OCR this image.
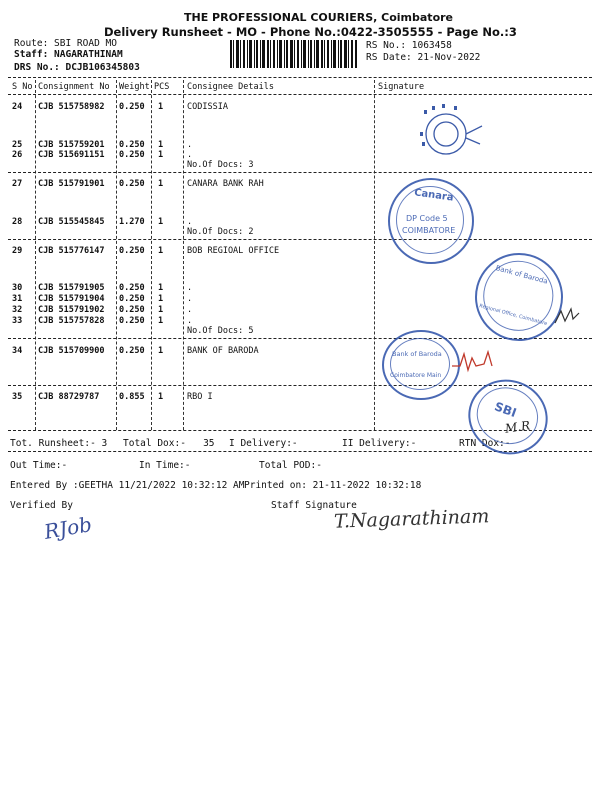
THE PROFESSIONAL COURIERS, Coimbatore
Delivery Runsheet - MO - Phone No.:0422-3505555 - Page No.:3
Route: SBI ROAD MO
Staff: NAGARATHINAM
DRS No.: DCJB106345803
RS No.: 1063458
RS Date: 21-Nov-2022
S No Consignment No Weight PCS Consignee Details	Signature
24 CJB 515758982 0.250 1	CODISSIA
25 CJB 515759201 0.250 1	.
26 CJB 515691151 0.250 1	.
No.Of Docs: 3
27 CJB 515791901 0.250 1	CANARA BANK RAH
28 CJB 515545845 1.270 1	.
No.Of Docs: 2
29 CJB 515776147 0.250 1	BOB REGIOAL OFFICE
30 CJB 515791905 0.250 1	.
31 CJB 515791904 0.250 1	.
32 CJB 515791902 0.250 1	.
33 CJB 515757828 0.250 1	.
No.Of Docs: 5
34 CJB 515709900 0.250 1	BANK OF BARODA
35 CJB 88729787 0.855 1	RBO I
Tot. Runsheet:- 3 Total Dox:-   35 I Delivery:-	II Delivery:-	RTN Dox:-
Out Time:-	In Time:-	Total POD:-
Entered By :GEETHA 11/21/2022 10:32:12 AM Printed on: 21-11-2022 10:32:18
Verified By	Staff Signature
T.Nagarathinam
RJob
Canara
DP Code 5
COIMBATORE
Bank of Baroda
Regional Office, Coimbatore
Bank of Baroda
Coimbatore Main
SBI
M.R
